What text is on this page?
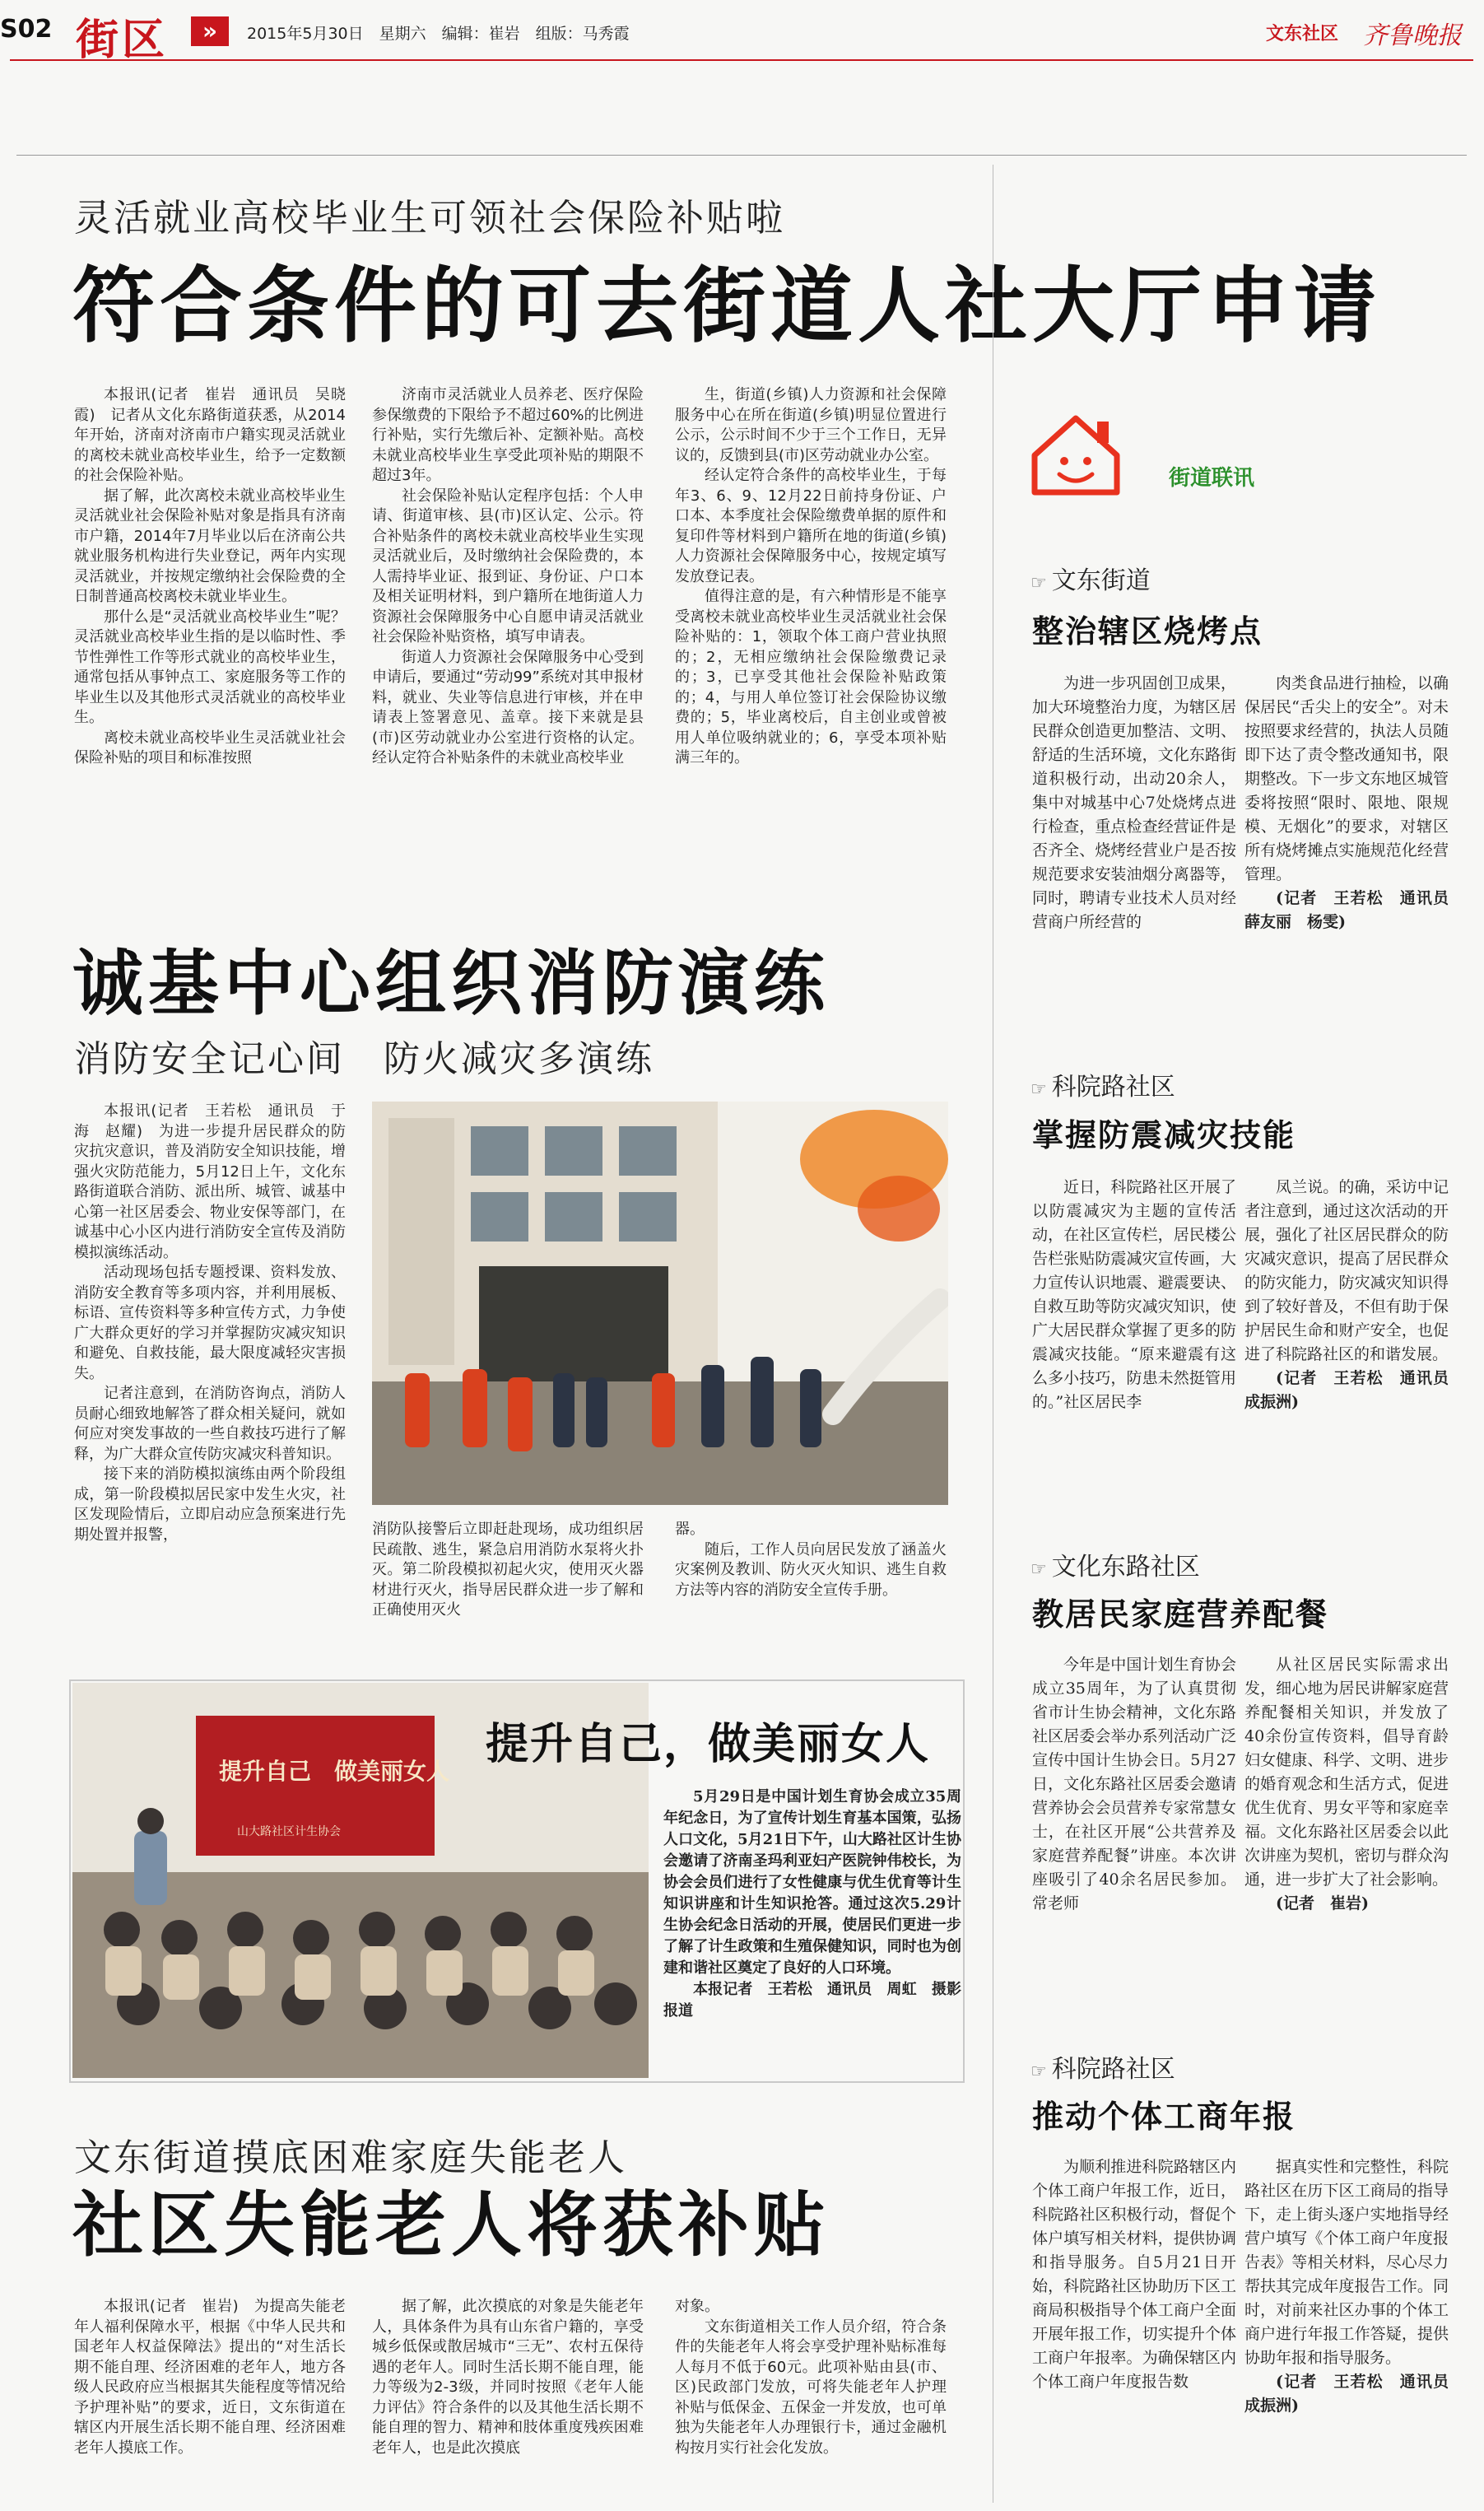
S02 街区	»	2015年5月30日　星期六　编辑：崔岩　组版：马秀霞	文东社区 齐鲁晚报
灵活就业高校毕业生可领社会保险补贴啦
符合条件的可去街道人社大厅申请

本报讯(记者　崔岩　通讯员　吴晓霞)　记者从文化东路街道获悉，从2014年开始，济南对济南市户籍实现灵活就业的离校未就业高校毕业生，给予一定数额的社会保险补贴。

据了解，此次离校未就业高校毕业生灵活就业社会保险补贴对象是指具有济南市户籍，2014年7月毕业以后在济南公共就业服务机构进行失业登记，两年内实现灵活就业，并按规定缴纳社会保险费的全日制普通高校离校未就业毕业生。

那什么是“灵活就业高校毕业生”呢？灵活就业高校毕业生指的是以临时性、季节性弹性工作等形式就业的高校毕业生，通常包括从事钟点工、家庭服务等工作的毕业生以及其他形式灵活就业的高校毕业生。

离校未就业高校毕业生灵活就业社会保险补贴的项目和标准按照

济南市灵活就业人员养老、医疗保险参保缴费的下限给予不超过60%的比例进行补贴，实行先缴后补、定额补贴。高校未就业高校毕业生享受此项补贴的期限不超过3年。

社会保险补贴认定程序包括：个人申请、街道审核、县(市)区认定、公示。符合补贴条件的离校未就业高校毕业生实现灵活就业后，及时缴纳社会保险费的，本人需持毕业证、报到证、身份证、户口本及相关证明材料，到户籍所在地街道人力资源社会保障服务中心自愿申请灵活就业社会保险补贴资格，填写申请表。

街道人力资源社会保障服务中心受到申请后，要通过“劳动99”系统对其申报材料，就业、失业等信息进行审核，并在申请表上签署意见、盖章。接下来就是县(市)区劳动就业办公室进行资格的认定。经认定符合补贴条件的未就业高校毕业

生，街道(乡镇)人力资源和社会保障服务中心在所在街道(乡镇)明显位置进行公示，公示时间不少于三个工作日，无异议的，反馈到县(市)区劳动就业办公室。

经认定符合条件的高校毕业生，于每年3、6、9、12月22日前持身份证、户口本、本季度社会保险缴费单据的原件和复印件等材料到户籍所在地的街道(乡镇)人力资源社会保障服务中心，按规定填写发放登记表。

值得注意的是，有六种情形是不能享受离校未就业高校毕业生灵活就业社会保险补贴的：1，领取个体工商户营业执照的；2，无相应缴纳社会保险缴费记录的；3，已享受其他社会保险补贴政策的；4，与用人单位签订社会保险协议缴费的；5，毕业离校后，自主创业或曾被用人单位吸纳就业的；6，享受本项补贴满三年的。

街道联讯
☞ 文东街道
整治辖区烧烤点

为进一步巩固创卫成果，加大环境整治力度，为辖区居民群众创造更加整洁、文明、舒适的生活环境，文化东路街道积极行动，出动20余人，集中对城基中心7处烧烤点进行检查，重点检查经营证件是否齐全、烧烤经营业户是否按规范要求安装油烟分离器等，同时，聘请专业技术人员对经营商户所经营的

肉类食品进行抽检，以确保居民“舌尖上的安全”。对未按照要求经营的，执法人员随即下达了责令整改通知书，限期整改。下一步文东地区城管委将按照“限时、限地、限规模、无烟化”的要求，对辖区所有烧烤摊点实施规范化经营管理。

(记者　王若松　通讯员　薛友丽　杨雯)

☞ 科院路社区
掌握防震减灾技能

近日，科院路社区开展了以防震减灾为主题的宣传活动，在社区宣传栏，居民楼公告栏张贴防震减灾宣传画，大力宣传认识地震、避震要诀、自救互助等防灾减灾知识，使广大居民群众掌握了更多的防震减灾技能。“原来避震有这么多小技巧，防患未然挺管用的。”社区居民李

凤兰说。的确，采访中记者注意到，通过这次活动的开展，强化了社区居民群众的防灾减灾意识，提高了居民群众的防灾能力，防灾减灾知识得到了较好普及，不但有助于保护居民生命和财产安全，也促进了科院路社区的和谐发展。

(记者　王若松　通讯员　成振洲)

☞ 文化东路社区
教居民家庭营养配餐

今年是中国计划生育协会成立35周年，为了认真贯彻省市计生协会精神，文化东路社区居委会举办系列活动广泛宣传中国计生协会日。5月27日，文化东路社区居委会邀请营养协会会员营养专家常慧女士，在社区开展“公共营养及家庭营养配餐”讲座。本次讲座吸引了40余名居民参加。常老师

从社区居民实际需求出发，细心地为居民讲解家庭营养配餐相关知识，并发放了40余份宣传资料，倡导育龄妇女健康、科学、文明、进步的婚育观念和生活方式，促进优生优育、男女平等和家庭幸福。文化东路社区居委会以此次讲座为契机，密切与群众沟通，进一步扩大了社会影响。

(记者　崔岩)

☞ 科院路社区
推动个体工商年报

为顺利推进科院路辖区内个体工商户年报工作，近日，科院路社区积极行动，督促个体户填写相关材料，提供协调和指导服务。自5月21日开始，科院路社区协助历下区工商局积极指导个体工商户全面开展年报工作，切实提升个体工商户年报率。为确保辖区内个体工商户年度报告数

据真实性和完整性，科院路社区在历下区工商局的指导下，走上街头逐户实地指导经营户填写《个体工商户年度报告表》等相关材料，尽心尽力帮扶其完成年度报告工作。同时，对前来社区办事的个体工商户进行年报工作答疑，提供协助年报和指导服务。

(记者　王若松　通讯员　成振洲)

诚基中心组织消防演练
消防安全记心间　防火减灾多演练

本报讯(记者　王若松　通讯员　于海　赵耀)　为进一步提升居民群众的防灾抗灾意识，普及消防安全知识技能，增强火灾防范能力，5月12日上午，文化东路街道联合消防、派出所、城管、诚基中心第一社区居委会、物业安保等部门，在诚基中心小区内进行消防安全宣传及消防模拟演练活动。

活动现场包括专题授课、资料发放、消防安全教育等多项内容，并利用展板、标语、宣传资料等多种宣传方式，力争使广大群众更好的学习并掌握防灾减灾知识和避免、自救技能，最大限度减轻灾害损失。

记者注意到，在消防咨询点，消防人员耐心细致地解答了群众相关疑问，就如何应对突发事故的一些自救技巧进行了解释，为广大群众宣传防灾减灾科普知识。

接下来的消防模拟演练由两个阶段组成，第一阶段模拟居民家中发生火灾，社区发现险情后，立即启动应急预案进行先期处置并报警，	消防队接警后立即赶赴现场，成功组织居民疏散、逃生，紧急启用消防水泵将火扑灭。第二阶段模拟初起火灾，使用灭火器材进行灭火，指导居民群众进一步了解和正确使用灭火

器。

随后，工作人员向居民发放了涵盖火灾案例及教训、防火灭火知识、逃生自救方法等内容的消防安全宣传手册。

提升自己　做美丽女人
山大路社区计生协会
提升自己，做美丽女人

5月29日是中国计划生育协会成立35周年纪念日，为了宣传计划生育基本国策，弘扬人口文化，5月21日下午，山大路社区计生协会邀请了济南圣玛利亚妇产医院钟伟校长，为协会会员们进行了女性健康与优生优育等计生知识讲座和计生知识抢答。通过这次5.29计生协会纪念日活动的开展，使居民们更进一步了解了计生政策和生殖保健知识，同时也为创建和谐社区奠定了良好的人口环境。

本报记者　王若松　通讯员　周虹　摄影报道

文东街道摸底困难家庭失能老人
社区失能老人将获补贴

本报讯(记者　崔岩)　为提高失能老年人福利保障水平，根据《中华人民共和国老年人权益保障法》提出的“对生活长期不能自理、经济困难的老年人，地方各级人民政府应当根据其失能程度等情况给予护理补贴”的要求，近日，文东街道在辖区内开展生活长期不能自理、经济困难老年人摸底工作。

据了解，此次摸底的对象是失能老年人，具体条件为具有山东省户籍的，享受城乡低保或散居城市“三无”、农村五保待遇的老年人。同时生活长期不能自理，能力等级为2-3级，并同时按照《老年人能力评估》符合条件的以及其他生活长期不能自理的智力、精神和肢体重度残疾困难老年人，也是此次摸底

对象。

文东街道相关工作人员介绍，符合条件的失能老年人将会享受护理补贴标准每人每月不低于60元。此项补贴由县(市、区)民政部门发放，可将失能老年人护理补贴与低保金、五保金一并发放，也可单独为失能老年人办理银行卡，通过金融机构按月实行社会化发放。
